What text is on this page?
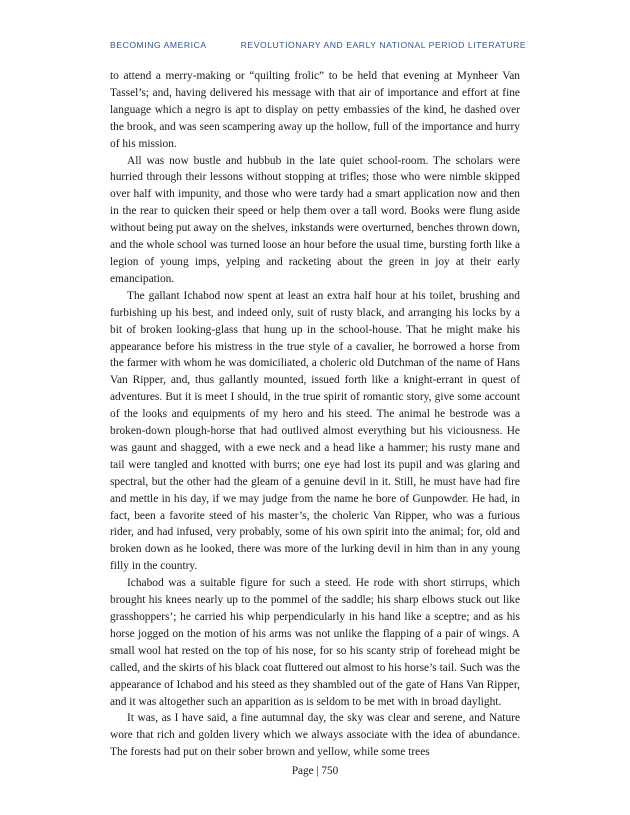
BECOMING AMERICA	REVOLUTIONARY AND EARLY NATIONAL PERIOD LITERATURE

to attend a merry-making or “quilting frolic” to be held that evening at Mynheer Van Tassel’s; and, having delivered his message with that air of importance and effort at fine language which a negro is apt to display on petty embassies of the kind, he dashed over the brook, and was seen scampering away up the hollow, full of the importance and hurry of his mission.

All was now bustle and hubbub in the late quiet school-room. The scholars were hurried through their lessons without stopping at trifles; those who were nimble skipped over half with impunity, and those who were tardy had a smart application now and then in the rear to quicken their speed or help them over a tall word. Books were flung aside without being put away on the shelves, inkstands were overturned, benches thrown down, and the whole school was turned loose an hour before the usual time, bursting forth like a legion of young imps, yelping and racketing about the green in joy at their early emancipation.

The gallant Ichabod now spent at least an extra half hour at his toilet, brushing and furbishing up his best, and indeed only, suit of rusty black, and arranging his locks by a bit of broken looking-glass that hung up in the school-house. That he might make his appearance before his mistress in the true style of a cavalier, he borrowed a horse from the farmer with whom he was domiciliated, a choleric old Dutchman of the name of Hans Van Ripper, and, thus gallantly mounted, issued forth like a knight-errant in quest of adventures. But it is meet I should, in the true spirit of romantic story, give some account of the looks and equipments of my hero and his steed. The animal he bestrode was a broken-down plough-horse that had outlived almost everything but his viciousness. He was gaunt and shagged, with a ewe neck and a head like a hammer; his rusty mane and tail were tangled and knotted with burrs; one eye had lost its pupil and was glaring and spectral, but the other had the gleam of a genuine devil in it. Still, he must have had fire and mettle in his day, if we may judge from the name he bore of Gunpowder. He had, in fact, been a favorite steed of his master’s, the choleric Van Ripper, who was a furious rider, and had infused, very probably, some of his own spirit into the animal; for, old and broken down as he looked, there was more of the lurking devil in him than in any young filly in the country.

Ichabod was a suitable figure for such a steed. He rode with short stirrups, which brought his knees nearly up to the pommel of the saddle; his sharp elbows stuck out like grasshoppers’; he carried his whip perpendicularly in his hand like a sceptre; and as his horse jogged on the motion of his arms was not unlike the flapping of a pair of wings. A small wool hat rested on the top of his nose, for so his scanty strip of forehead might be called, and the skirts of his black coat fluttered out almost to his horse’s tail. Such was the appearance of Ichabod and his steed as they shambled out of the gate of Hans Van Ripper, and it was altogether such an apparition as is seldom to be met with in broad daylight.

It was, as I have said, a fine autumnal day, the sky was clear and serene, and Nature wore that rich and golden livery which we always associate with the idea of abundance. The forests had put on their sober brown and yellow, while some trees

Page | 750
